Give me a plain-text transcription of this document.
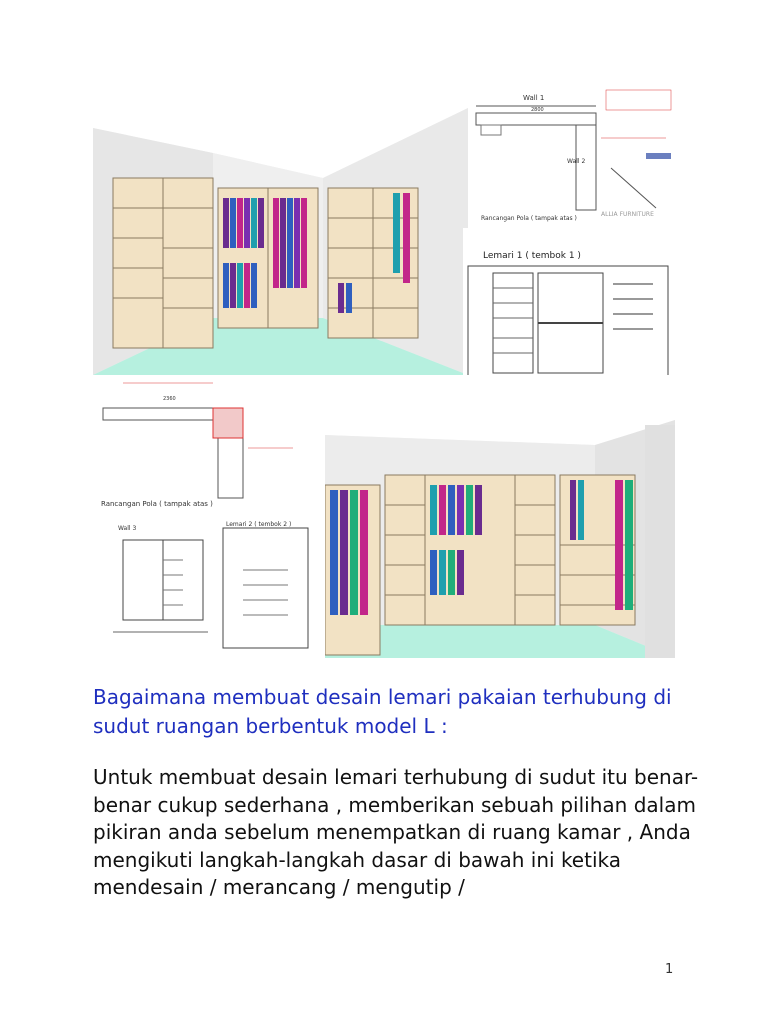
Wall 1
2800
Wall 2
Rancangan Pola ( tampak atas )
ALLIA FURNITURE
Lemari 1 ( tembok 1 )
2360
Rancangan Pola ( tampak atas )
Wall 3
Lemari 2 ( tembok 2 )

Bagaimana membuat desain lemari pakaian terhubung di sudut ruangan berbentuk model L :

Untuk membuat desain lemari terhubung di sudut itu benar-benar cukup sederhana , memberikan sebuah pilihan dalam pikiran anda sebelum menempatkan di ruang kamar , Anda mengikuti langkah-langkah dasar di bawah ini ketika mendesain / merancang / mengutip /

1
